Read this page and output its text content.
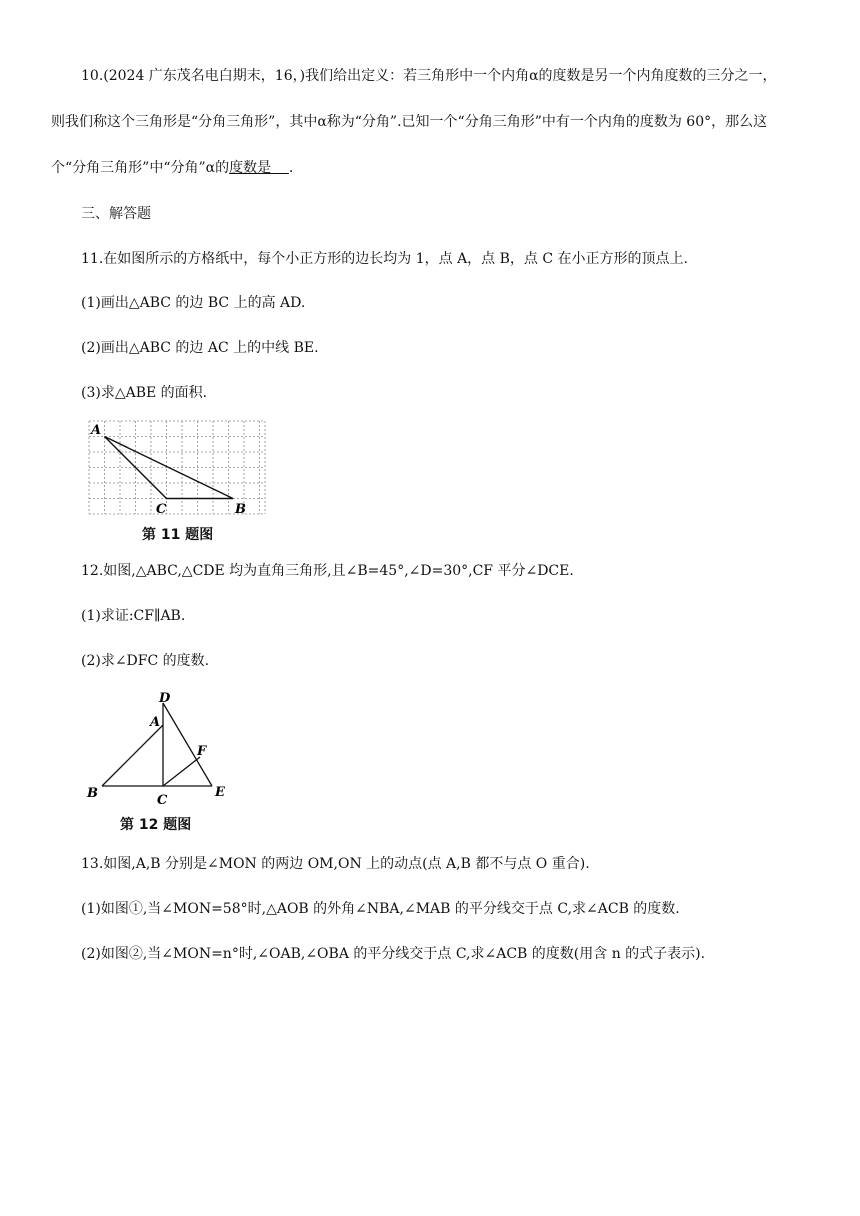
10.(2024 广东茂名电白期末，16，)我们给出定义：若三角形中一个内角α的度数是另一个内角度数的三分之一，
则我们称这个三角形是“分角三角形”，其中α称为“分角”.已知一个“分角三角形”中有一个内角的度数为 60°，那么这
个“分角三角形”中“分角”α的度数是 .
三、解答题
11.在如图所示的方格纸中，每个小正方形的边长均为 1，点 A，点 B，点 C 在小正方形的顶点上.
(1)画出△ABC 的边 BC 上的高 AD.
(2)画出△ABC 的边 AC 上的中线 BE.
(3)求△ABE 的面积.
A
C	B
第 11 题图
12.如图,△ABC,△CDE 均为直角三角形,且∠B=45°,∠D=30°,CF 平分∠DCE.
(1)求证:CF∥AB.
(2)求∠DFC 的度数.
D
A
F
B	C
E
第 12 题图
13.如图,A,B 分别是∠MON 的两边 OM,ON 上的动点(点 A,B 都不与点 O 重合).
(1)如图①,当∠MON=58°时,△AOB 的外角∠NBA,∠MAB 的平分线交于点 C,求∠ACB 的度数.
(2)如图②,当∠MON=n°时,∠OAB,∠OBA 的平分线交于点 C,求∠ACB 的度数(用含 n 的式子表示).
